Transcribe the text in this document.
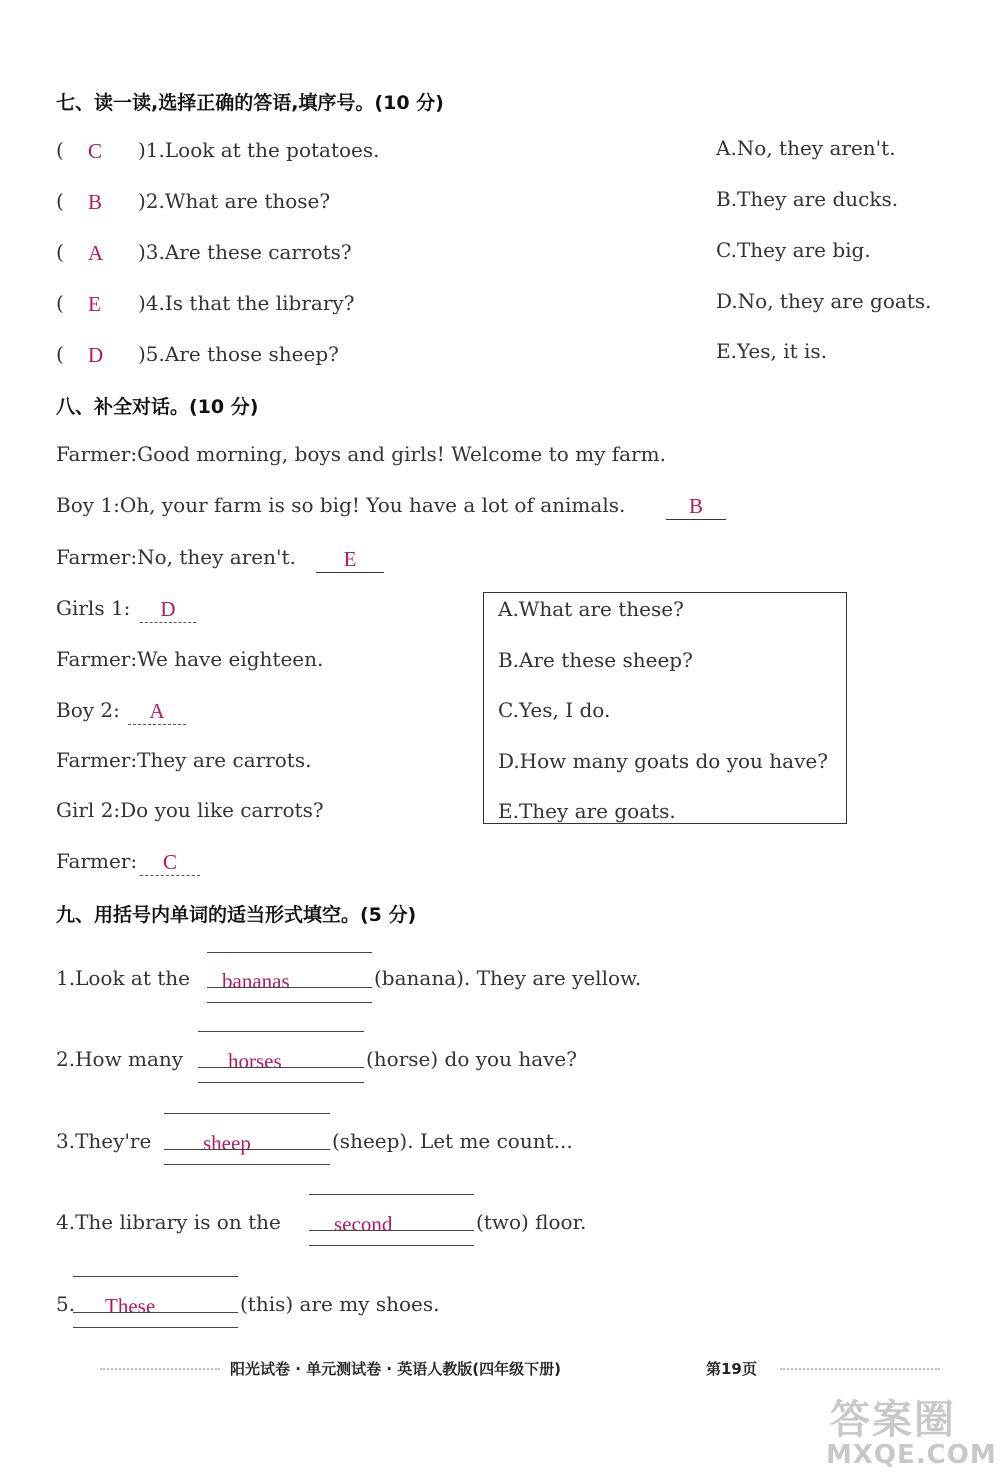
七、读一读,选择正确的答语,填序号。(10 分)
( C )1.Look at the potatoes.	A.No, they aren't.
( B )2.What are those?	B.They are ducks.
( A )3.Are these carrots?	C.They are big.
( E )4.Is that the library?	D.No, they are goats.
( D )5.Are those sheep?	E.Yes, it is.
八、补全对话。(10 分)
Farmer:Good morning, boys and girls! Welcome to my farm.
Boy 1:Oh, your farm is so big! You have a lot of animals.	B
Farmer:No, they aren't.	E
Girls 1:	D
Farmer:We have eighteen.
Boy 2:	A
Farmer:They are carrots.
Girl 2:Do you like carrots?
Farmer:	C
A.What are these?
B.Are these sheep?
C.Yes, I do.
D.How many goats do you have?
E.They are goats.
九、用括号内单词的适当形式填空。(5 分)
1.Look at the bananas	(banana). They are yellow.
2.How many horses	(horse) do you have?
3.They're sheep	(sheep). Let me count...
4.The library is on the	second	(two) floor.
5. These	(this) are my shoes.
阳光试卷 · 单元测试卷 · 英语人教版(四年级下册)	第19页
答案圈
MXQE.COM
